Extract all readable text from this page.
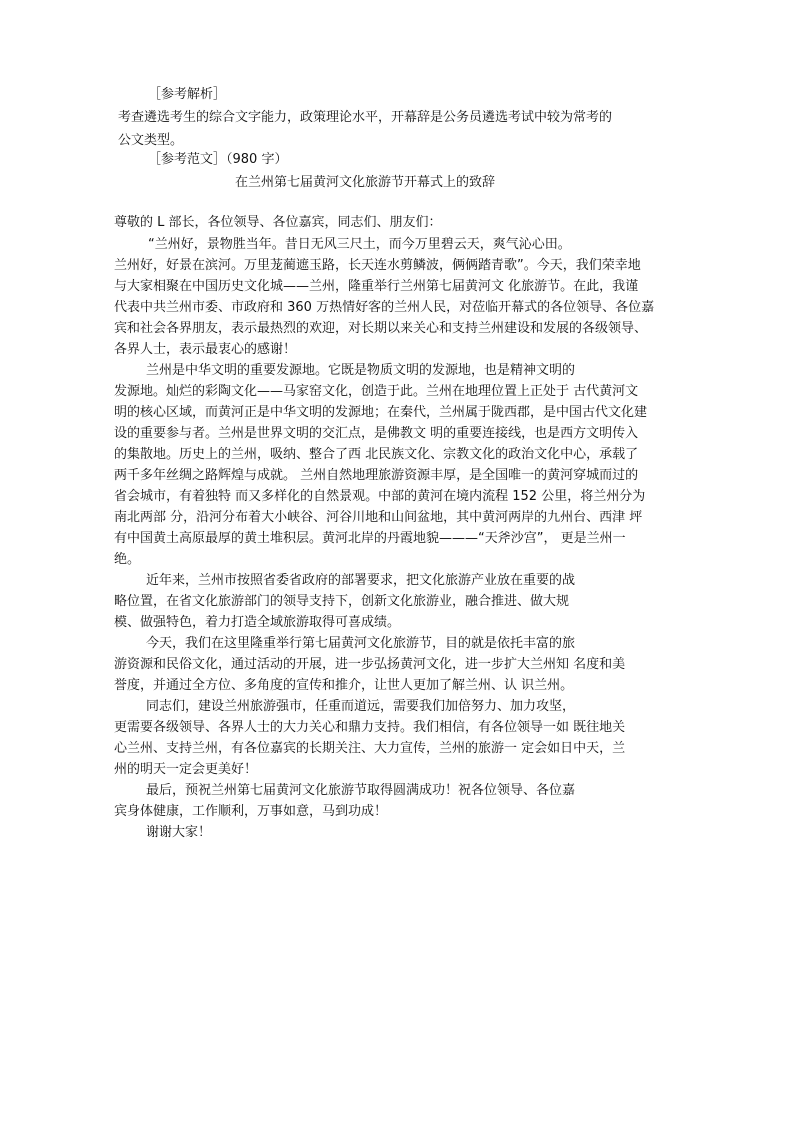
［参考解析］
考查遴选考生的综合文字能力，政策理论水平，开幕辞是公务员遴选考试中较为常考的
公文类型。
［参考范文］（980 字）
在兰州第七届黄河文化旅游节开幕式上的致辞
尊敬的 L 部长，各位领导、各位嘉宾，同志们、朋友们：
“兰州好，景物胜当年。昔日无风三尺土，而今万里碧云天，爽气沁心田。
兰州好，好景在滨河。万里茏蔺遮玉路，长天连水剪鳞波，俩俩踏青歌”。今天，我们荣幸地
与大家相聚在中国历史文化城——兰州，隆重举行兰州第七届黄河文 化旅游节。在此，我谨
代表中共兰州市委、市政府和 360 万热情好客的兰州人民，对莅临开幕式的各位领导、各位嘉
宾和社会各界朋友，表示最热烈的欢迎，对长期以来关心和支持兰州建设和发展的各级领导、
各界人士，表示最衷心的感谢！
兰州是中华文明的重要发源地。它既是物质文明的发源地，也是精神文明的
发源地。灿烂的彩陶文化——马家窑文化，创造于此。兰州在地理位置上正处于 古代黄河文
明的核心区域，而黄河正是中华文明的发源地；在秦代，兰州属于陇西郡，是中国古代文化建
设的重要参与者。兰州是世界文明的交汇点，是佛教文 明的重要连接线，也是西方文明传入
的集散地。历史上的兰州，吸纳、整合了西 北民族文化、宗教文化的政治文化中心，承载了
两千多年丝绸之路辉煌与成就。 兰州自然地理旅游资源丰厚，是全国唯一的黄河穿城而过的
省会城市，有着独特 而又多样化的自然景观。中部的黄河在境内流程 152 公里，将兰州分为
南北两部 分，沿河分布着大小峡谷、河谷川地和山间盆地，其中黄河两岸的九州台、西津 坪
有中国黄土高原最厚的黄土堆积层。黄河北岸的丹霞地貌———“天斧沙宫”， 更是兰州一
绝。
近年来，兰州市按照省委省政府的部署要求，把文化旅游产业放在重要的战
略位置，在省文化旅游部门的领导支持下，创新文化旅游业，融合推进、做大规
模、做强特色，着力打造全域旅游取得可喜成绩。
今天，我们在这里隆重举行第七届黄河文化旅游节，目的就是依托丰富的旅
游资源和民俗文化，通过活动的开展，进一步弘扬黄河文化，进一步扩大兰州知 名度和美
誉度，并通过全方位、多角度的宣传和推介，让世人更加了解兰州、认 识兰州。
同志们，建设兰州旅游强市，任重而道远，需要我们加倍努力、加力攻坚，
更需要各级领导、各界人士的大力关心和鼎力支持。我们相信，有各位领导一如 既往地关
心兰州、支持兰州，有各位嘉宾的长期关注、大力宣传，兰州的旅游一 定会如日中天，兰
州的明天一定会更美好！
最后，预祝兰州第七届黄河文化旅游节取得圆满成功！祝各位领导、各位嘉
宾身体健康，工作顺利，万事如意，马到功成！
谢谢大家！
